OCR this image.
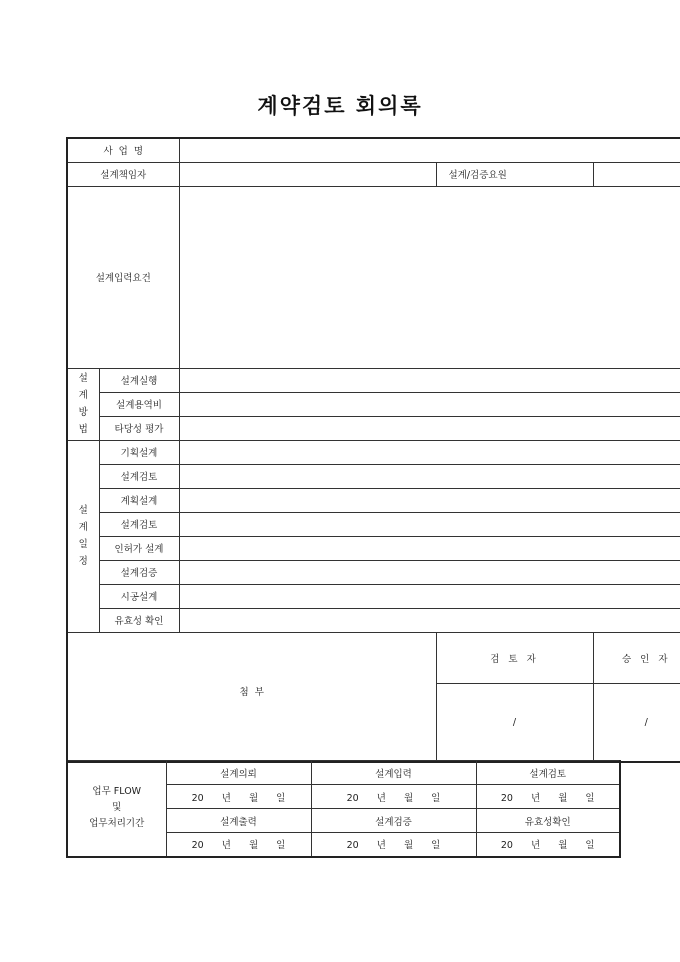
계약검토 회의록
사  업  명				
설계책임자			설계/검증요원	
설계입력요건				

설
계
방
법	설계실행			
	설계용역비			
	타당성 평가			

설
계
일
정	기획설계			
	설계검토			
	계획설계			
	설계검토			
	인허가 설계			
	설계검증			
	시공설계			
	유효성 확인			
첨  부			검 토 자	승 인 자
			/	/
업무 FLOW
및
업무처리기간	설계의뢰	설계입력	설계검토
	20  년  월  일	20  년  월  일	20  년  월  일
	설계출력	설계검증	유효성확인
	20  년  월  일	20  년  월  일	20  년  월  일
